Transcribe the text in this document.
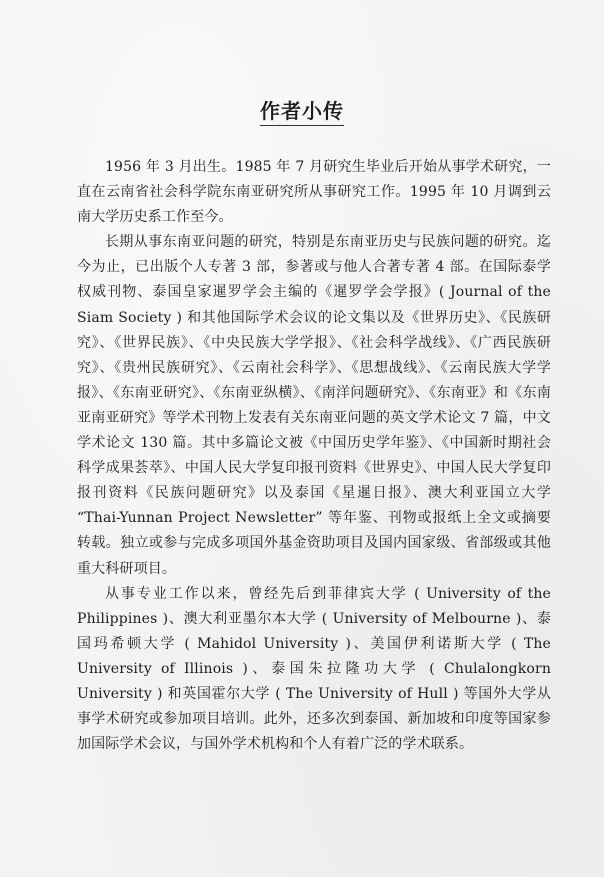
作者小传

1956 年 3 月出生。1985 年 7 月研究生毕业后开始从事学术研究，一直在云南省社会科学院东南亚研究所从事研究工作。1995 年 10 月调到云南大学历史系工作至今。

长期从事东南亚问题的研究，特别是东南亚历史与民族问题的研究。迄今为止，已出版个人专著 3 部，参著或与他人合著专著 4 部。在国际泰学权威刊物、泰国皇家暹罗学会主编的《暹罗学会学报》( Journal of the Siam Society ) 和其他国际学术会议的论文集以及《世界历史》、《民族研究》、《世界民族》、《中央民族大学学报》、《社会科学战线》、《广西民族研究》、《贵州民族研究》、《云南社会科学》、《思想战线》、《云南民族大学学报》、《东南亚研究》、《东南亚纵横》、《南洋问题研究》、《东南亚》和《东南亚南亚研究》等学术刊物上发表有关东南亚问题的英文学术论文 7 篇，中文学术论文 130 篇。其中多篇论文被《中国历史学年鉴》、《中国新时期社会科学成果荟萃》、中国人民大学复印报刊资料《世界史》、中国人民大学复印报刊资料《民族问题研究》以及泰国《星暹日报》、澳大利亚国立大学 “Thai-Yunnan Project Newsletter” 等年鉴、刊物或报纸上全文或摘要转载。独立或参与完成多项国外基金资助项目及国内国家级、省部级或其他重大科研项目。

从事专业工作以来，曾经先后到菲律宾大学 ( University of the Philippines )、澳大利亚墨尔本大学 ( University of Melbourne )、泰国玛希顿大学 ( Mahidol University )、美国伊利诺斯大学 ( The University of Illinois )、泰国朱拉隆功大学 ( Chulalongkorn University ) 和英国霍尔大学 ( The University of Hull ) 等国外大学从事学术研究或参加项目培训。此外，还多次到泰国、新加坡和印度等国家参加国际学术会议，与国外学术机构和个人有着广泛的学术联系。
